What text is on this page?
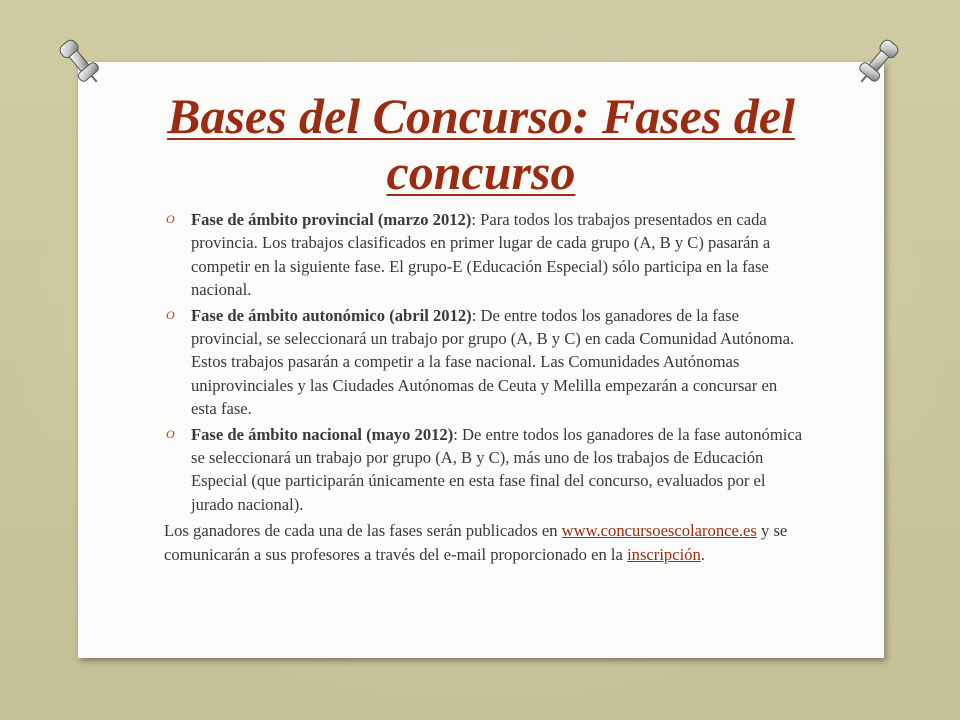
Bases del Concurso: Fases del concurso
O Fase de ámbito provincial (marzo 2012): Para todos los trabajos presentados en cada provincia. Los trabajos clasificados en primer lugar de cada grupo (A, B y C) pasarán a competir en la siguiente fase. El grupo-E (Educación Especial) sólo participa en la fase nacional.
O Fase de ámbito autonómico (abril 2012): De entre todos los ganadores de la fase provincial, se seleccionará un trabajo por grupo (A, B y C) en cada Comunidad Autónoma. Estos trabajos pasarán a competir a la fase nacional. Las Comunidades Autónomas uniprovinciales y las Ciudades Autónomas de Ceuta y Melilla empezarán a concursar en esta fase.
O Fase de ámbito nacional (mayo 2012): De entre todos los ganadores de la fase autonómica se seleccionará un trabajo por grupo (A, B y C), más uno de los trabajos de Educación Especial (que participarán únicamente en esta fase final del concurso, evaluados por el jurado nacional).
Los ganadores de cada una de las fases serán publicados en www.concursoescolaronce.es y se comunicarán a sus profesores a través del e-mail proporcionado en la inscripción.
